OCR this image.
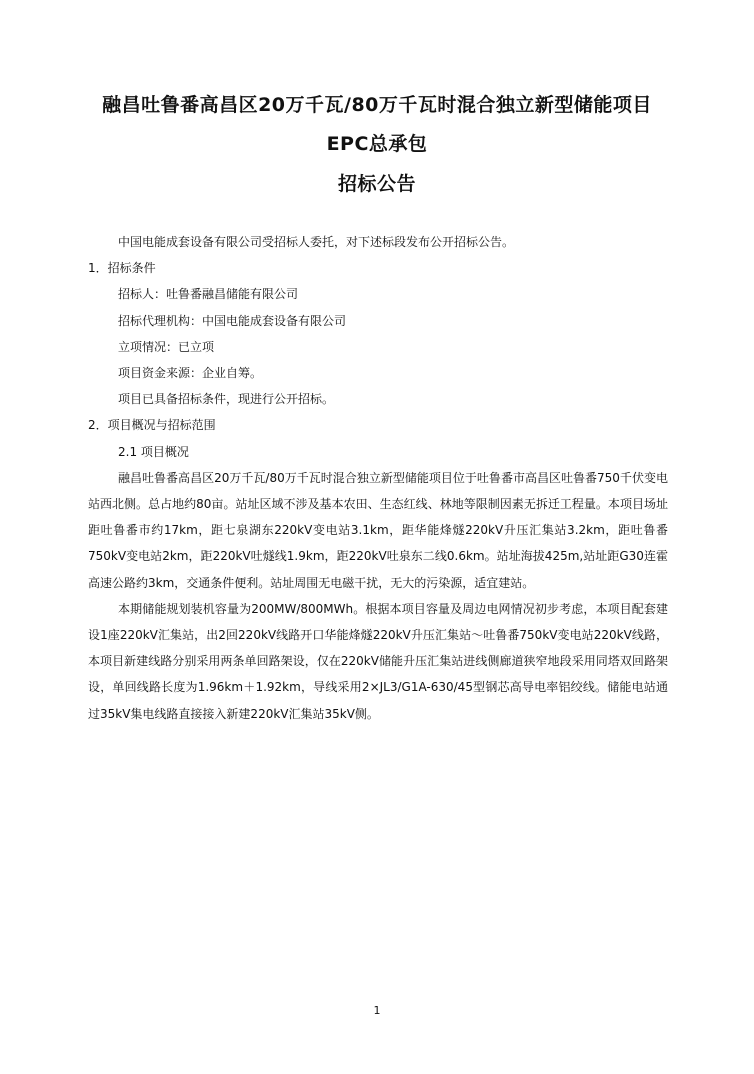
融昌吐鲁番高昌区20万千瓦/80万千瓦时混合独立新型储能项目
EPC总承包
招标公告

中国电能成套设备有限公司受招标人委托，对下述标段发布公开招标公告。

1．招标条件

招标人：吐鲁番融昌储能有限公司

招标代理机构：中国电能成套设备有限公司

立项情况：已立项

项目资金来源：企业自筹。

项目已具备招标条件，现进行公开招标。

2．项目概况与招标范围

2.1 项目概况

融昌吐鲁番高昌区20万千瓦/80万千瓦时混合独立新型储能项目位于吐鲁番市高昌区吐鲁番750千伏变电站西北侧。总占地约80亩。站址区域不涉及基本农田、生态红线、林地等限制因素无拆迁工程量。本项目场址距吐鲁番市约17km，距七泉湖东220kV变电站3.1km，距华能烽燧220kV升压汇集站3.2km，距吐鲁番750kV变电站2km，距220kV吐燧线1.9km，距220kV吐泉东二线0.6km。站址海拔425m,站址距G30连霍高速公路约3km，交通条件便利。站址周围无电磁干扰，无大的污染源，适宜建站。

本期储能规划装机容量为200MW/800MWh。根据本项目容量及周边电网情况初步考虑，本项目配套建设1座220kV汇集站，出2回220kV线路开口华能烽燧220kV升压汇集站～吐鲁番750kV变电站220kV线路，本项目新建线路分别采用两条单回路架设，仅在220kV储能升压汇集站进线侧廊道狭窄地段采用同塔双回路架设，单回线路长度为1.96km＋1.92km，导线采用2×JL3/G1A-630/45型钢芯高导电率铝绞线。储能电站通过35kV集电线路直接接入新建220kV汇集站35kV侧。

1
